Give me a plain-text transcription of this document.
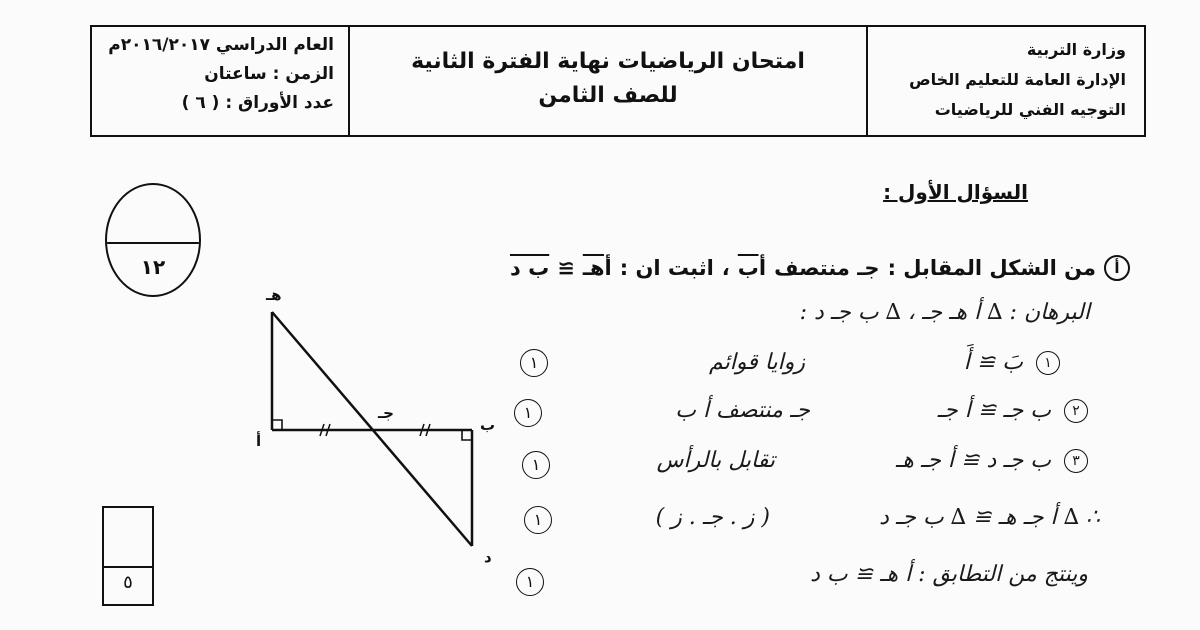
العام الدراسي ٢٠١٦/٢٠١٧م
الزمن : ساعتان
عدد الأوراق : ( ٦ )
امتحان الرياضيات نهاية الفترة الثانية
للصف الثامن
وزارة التربية
الإدارة العامة للتعليم الخاص
التوجيه الفني للرياضيات
السؤال الأول :
أ
من الشكل المقابل :
جـ منتصف
أب
،
اثبت ان :
أهـ
≅
ب د
البرهان : ∆ أ هـ جـ ، ∆ ب جـ د :
١ بَ ≅ أَ
زوايا قوائم
٢ ب جـ ≅ أ جـ
جـ منتصف أ ب
٣ ب جـ د ≅ أ جـ هـ
تقابل بالرأس
∴ ∆ أ جـ هـ ≅ ∆ ب جـ د
( ز . جـ . ز )
وينتج من التطابق : أ هـ ≅ ب د
١
١
١
١
١
١٢
٥
هـ
أ
جـ
ب
د
